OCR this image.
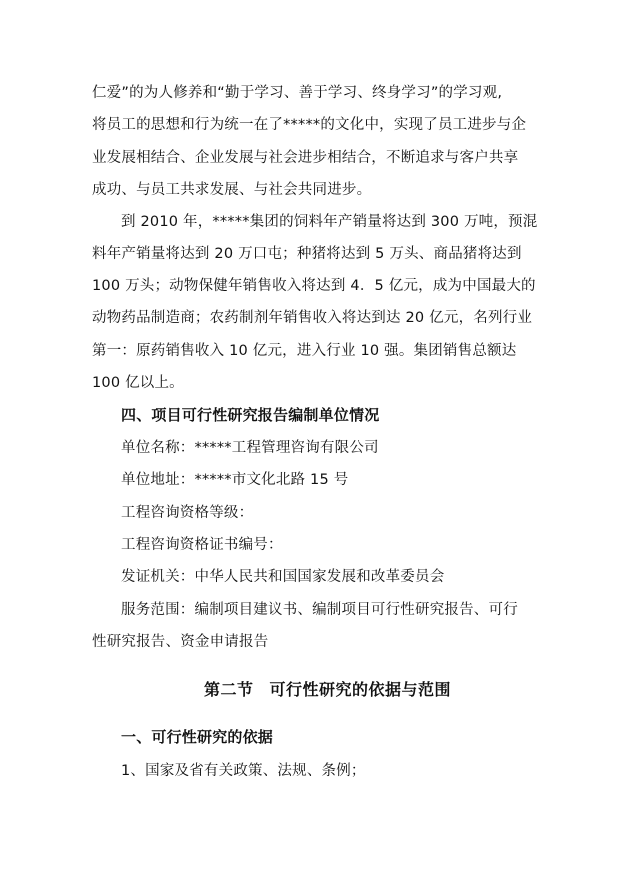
仁爱”的为人修养和“勤于学习、善于学习、终身学习”的学习观,
将员工的思想和行为统一在了*****的文化中，实现了员工进步与企
业发展相结合、企业发展与社会进步相结合，不断追求与客户共享
成功、与员工共求发展、与社会共同进步。
到 2010 年，*****集团的饲料年产销量将达到 300 万吨，预混
料年产销量将达到 20 万口屯；种猪将达到 5 万头、商品猪将达到
100 万头；动物保健年销售收入将达到 4．5 亿元，成为中国最大的
动物药品制造商；农药制剂年销售收入将达到达 20 亿元，名列行业
第一：原药销售收入 10 亿元，进入行业 10 强。集团销售总额达
100 亿以上。
四、项目可行性研究报告编制单位情况
单位名称：*****工程管理咨询有限公司
单位地址：*****市文化北路 15 号
工程咨询资格等级：
工程咨询资格证书编号：
发证机关：中华人民共和国国家发展和改革委员会
服务范围：编制项目建议书、编制项目可行性研究报告、可行
性研究报告、资金申请报告
第二节 可行性研究的依据与范围
一、可行性研究的依据
1、国家及省有关政策、法规、条例；
